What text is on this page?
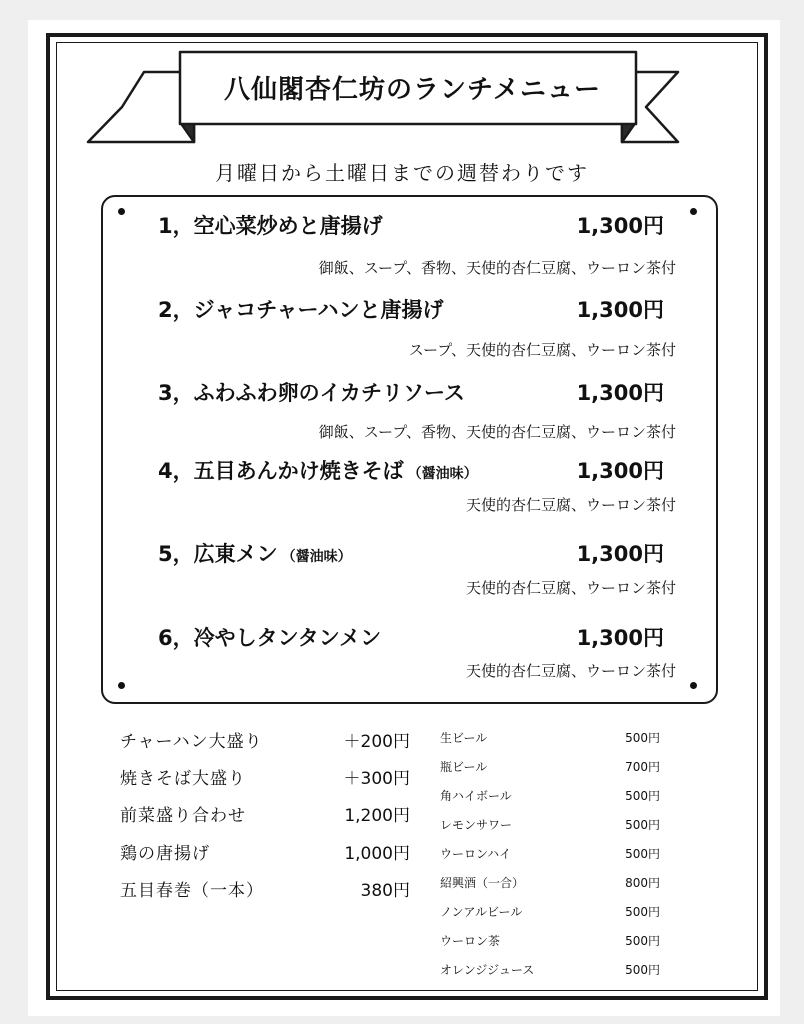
八仙閣杏仁坊のランチメニュー
月曜日から土曜日までの週替わりです
1，空心菜炒めと唐揚げ	1,300円
御飯、スープ、香物、天使的杏仁豆腐、ウーロン茶付
2，ジャコチャーハンと唐揚げ	1,300円
スープ、天使的杏仁豆腐、ウーロン茶付
3，ふわふわ卵のイカチリソース	1,300円
御飯、スープ、香物、天使的杏仁豆腐、ウーロン茶付
4，五目あんかけ焼きそば （醤油味）	1,300円
天使的杏仁豆腐、ウーロン茶付
5，広東メン （醤油味）	1,300円
天使的杏仁豆腐、ウーロン茶付
6，冷やしタンタンメン	1,300円
天使的杏仁豆腐、ウーロン茶付
チャーハン大盛り	＋200円
焼きそば大盛り	＋300円
前菜盛り合わせ	1,200円
鶏の唐揚げ	1,000円
五目春巻（一本）	380円
生ビール	500円
瓶ビール	700円
角ハイボール	500円
レモンサワー	500円
ウーロンハイ	500円
紹興酒（一合）	800円
ノンアルビール	500円
ウーロン茶	500円
オレンジジュース	500円
